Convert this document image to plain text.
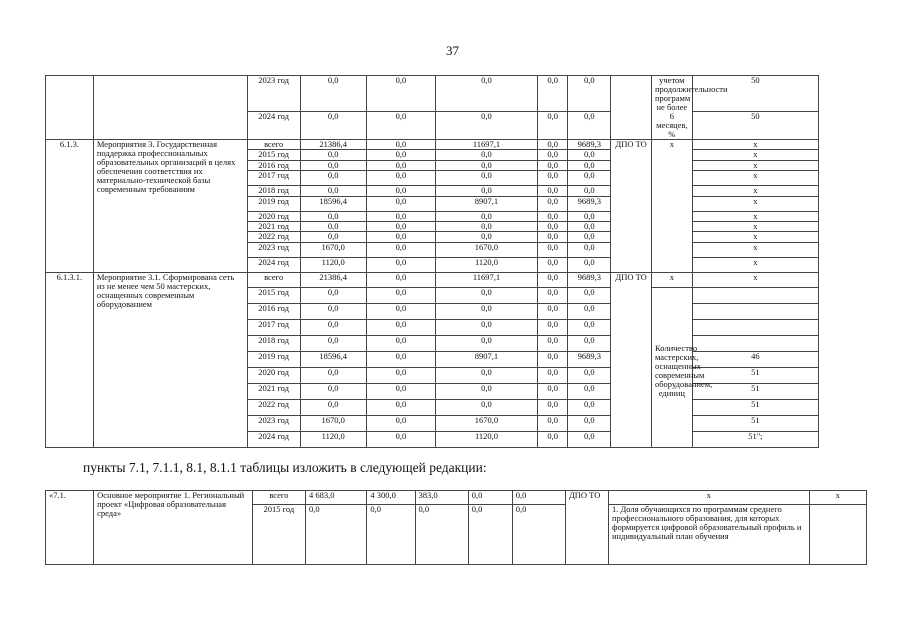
37
		2023 год	0,0	0,0	0,0	0,0	0,0		учетом продолжительности программ не более 6 месяцев, %	50
		2024 год	0,0	0,0	0,0	0,0	0,0			50
6.1.3.	Мероприятия 3. Государственная поддержка профессиональных образовательных организаций в целях обеспечения соответствия их материально-технической базы современным требованиям	всего	21386,4	0,0	11697,1	0,0	9689,3	ДПО ТО	х	х
		2015 год	0,0	0,0	0,0	0,0	0,0			х
		2016 год	0,0	0,0	0,0	0,0	0,0			х
		2017 год	0,0	0,0	0,0	0,0	0,0			х
		2018 год	0,0	0,0	0,0	0,0	0,0			х
		2019 год	18596,4	0,0	8907,1	0,0	9689,3			х
		2020 год	0,0	0,0	0,0	0,0	0,0			х
		2021 год	0,0	0,0	0,0	0,0	0,0			х
		2022 год	0,0	0,0	0,0	0,0	0,0			х
		2023 год	1670,0	0,0	1670,0	0,0	0,0			х
		2024 год	1120,0	0,0	1120,0	0,0	0,0			х
6.1.3.1.	Мероприятие 3.1. Сформирована сеть из не менее чем 50 мастерских, оснащенных современным оборудованием	всего	21386,4	0,0	11697,1	0,0	9689,3	ДПО ТО	х	х
		2015 год	0,0	0,0	0,0	0,0	0,0		Количество мастерских, оснащенных современным оборудованием, единиц	
		2016 год	0,0	0,0	0,0	0,0	0,0			
		2017 год	0,0	0,0	0,0	0,0	0,0			
		2018 год	0,0	0,0	0,0	0,0	0,0			
		2019 год	18596,4	0,0	8907,1	0,0	9689,3			46
		2020 год	0,0	0,0	0,0	0,0	0,0			51
		2021 год	0,0	0,0	0,0	0,0	0,0			51
		2022 год	0,0	0,0	0,0	0,0	0,0			51
		2023 год	1670,0	0,0	1670,0	0,0	0,0			51
		2024 год	1120,0	0,0	1120,0	0,0	0,0			51";
пункты 7.1, 7.1.1, 8.1, 8.1.1 таблицы изложить в следующей редакции:
«7.1.	Основное мероприятие 1. Региональный проект «Цифровая образовательная среда»	всего	4 683,0	4 300,0	383,0	0,0	0,0	ДПО ТО	х	х
		2015 год	0,0	0,0	0,0	0,0	0,0		1. Доля обучающихся по программам среднего профессионального образования, для которых формируется цифровой образовательный профиль и индивидуальный план обучения	
